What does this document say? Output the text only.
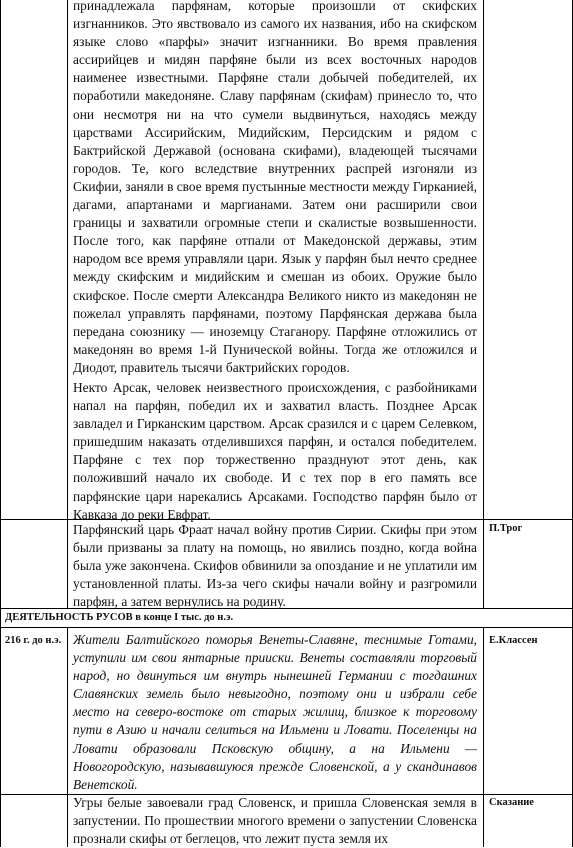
принадлежала парфянам, которые произошли от скифских изгнанников. Это явствовало из самого их названия, ибо на скифском языке слово «парфы» значит изгнанники. Во время правления ассирийцев и мидян парфяне были из всех восточных народов наименее известными. Парфяне стали добычей победителей, их поработили македоняне. Славу парфянам (скифам) принесло то, что они несмотря ни на что сумели выдвинуться, находясь между царствами Ассирийским, Мидийским, Персидским и рядом с Бактрийской Державой (основана скифами), владеющей тысячами городов. Те, кого вследствие внутренних распрей изгоняли из Скифии, заняли в свое время пустынные местности между Гирканией, дагами, апартанами и маргианами. Затем они расширили свои границы и захватили огромные степи и скалистые возвышенности. После того, как парфяне отпали от Македонской державы, этим народом все время управляли цари. Язык у парфян был нечто среднее между скифским и мидийским и смешан из обоих. Оружие было скифское. После смерти Александра Великого никто из македонян не пожелал управлять парфянами, поэтому Парфянская держава была передана союзнику — иноземцу Стаганору. Парфяне отложились от македонян во время 1-й Пунической войны. Тогда же отложился и Диодот, правитель тысячи бактрийских городов.

Некто Арсак, человек неизвестного происхождения, с разбойниками напал на парфян, победил их и захватил власть. Позднее Арсак завладел и Гирканским царством. Арсак сразился и с царем Селевком, пришедшим наказать отделившихся парфян, и остался победителем. Парфяне с тех пор торжественно празднуют этот день, как положивший начало их свободе. И с тех пор в его память все парфянские цари нарекались Арсаками. Господство парфян было от Кавказа до реки Евфрат.

Парфянский царь Фраат начал войну против Сирии. Скифы при этом были призваны за плату на помощь, но явились поздно, когда война была уже закончена. Скифов обвинили за опоздание и не уплатили им установленной платы. Из-за чего скифы начали войну и разгромили парфян, а затем вернулись на родину.

П.Трог
ДЕЯТЕЛЬНОСТЬ РУСОВ в конце I тыс. до н.э.
216 г. до н.э. Жители Балтийского поморья Венеты-Славяне, теснимые Готами, уступили им свои янтарные прииски. Венеты составляли торговый народ, но двинуться им внутрь нынешней Германии с тогдашних Славянских земель было невыгодно, поэтому они и избрали себе место на северо-востоке от старых жилищ, близкое к торговому пути в Азию и начали селиться на Ильмени и Ловати. Поселенцы на Ловати образовали Псковскую общину, а на Ильмени — Новогородскую, называвшуюся прежде Словенской, а у скандинавов Венетской.

Е.Классен

Угры белые завоевали град Словенск, и пришла Словенская земля в запустении. По прошествии многого времени о запустении Словенска прознали скифы от беглецов, что лежит пуста земля их

Сказание
